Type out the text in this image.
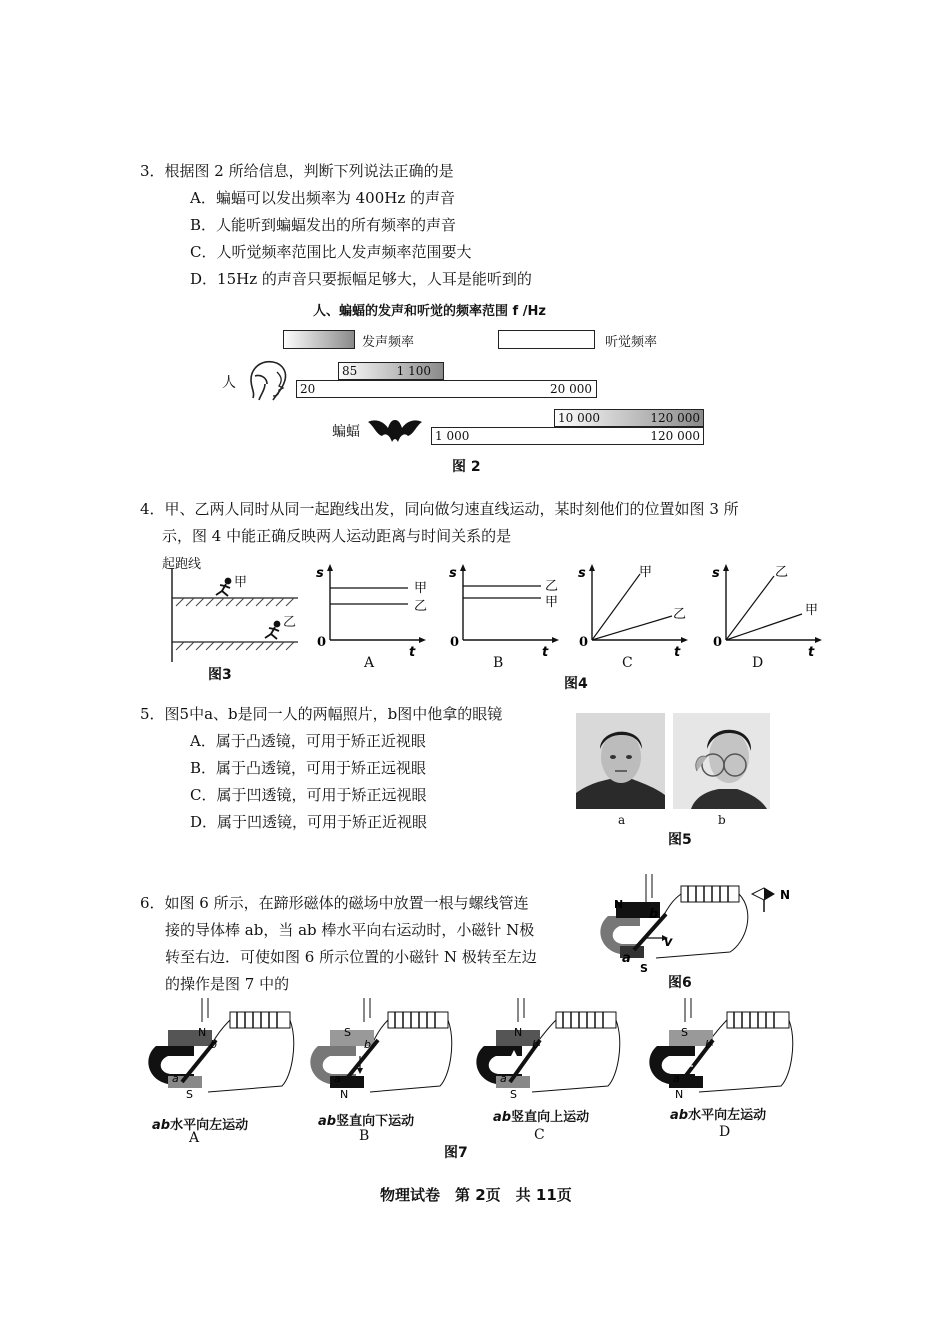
3．根据图 2 所给信息，判断下列说法正确的是
A．蝙蝠可以发出频率为 400Hz 的声音
B．人能听到蝙蝠发出的所有频率的声音
C．人听觉频率范围比人发声频率范围要大
D．15Hz 的声音只要振幅足够大，人耳是能听到的
人、蝙蝠的发声和听觉的频率范围 f /Hz
发声频率	听觉频率
人
85	1 100
20	20 000
蝙蝠
10 000	120 000
1 000	120 000
图 2
4．甲、乙两人同时从同一起跑线出发，同向做匀速直线运动，某时刻他们的位置如图 3 所
示，图 4 中能正确反映两人运动距离与时间关系的是
起跑线
甲
乙
图3
s
t
0
甲
乙
A
s
t
0
乙
甲
B
s
t
0
甲
乙
C
s
t
0
乙
甲
D
图4
5．图5中a、b是同一人的两幅照片，b图中他拿的眼镜
A．属于凸透镜，可用于矫正近视眼
B．属于凸透镜，可用于矫正远视眼
C．属于凹透镜，可用于矫正远视眼
D．属于凹透镜，可用于矫正近视眼	a	b
图5
6．如图 6 所示，在蹄形磁体的磁场中放置一根与螺线管连
接的导体棒 ab，当 ab 棒水平向右运动时，小磁针 N极
转至右边．可使如图 6 所示位置的小磁针 N 极转至左边
的操作是图 7 中的
b
a
v
N
S
N
图6
N
b
a
S
S
b
a
N
N
b
a
S
S
b
a
N
ab水平向左运动
A
ab竖直向下运动
B
ab竖直向上运动
C
ab水平向左运动
D
图7
物理试卷　第 2页　共 11页
